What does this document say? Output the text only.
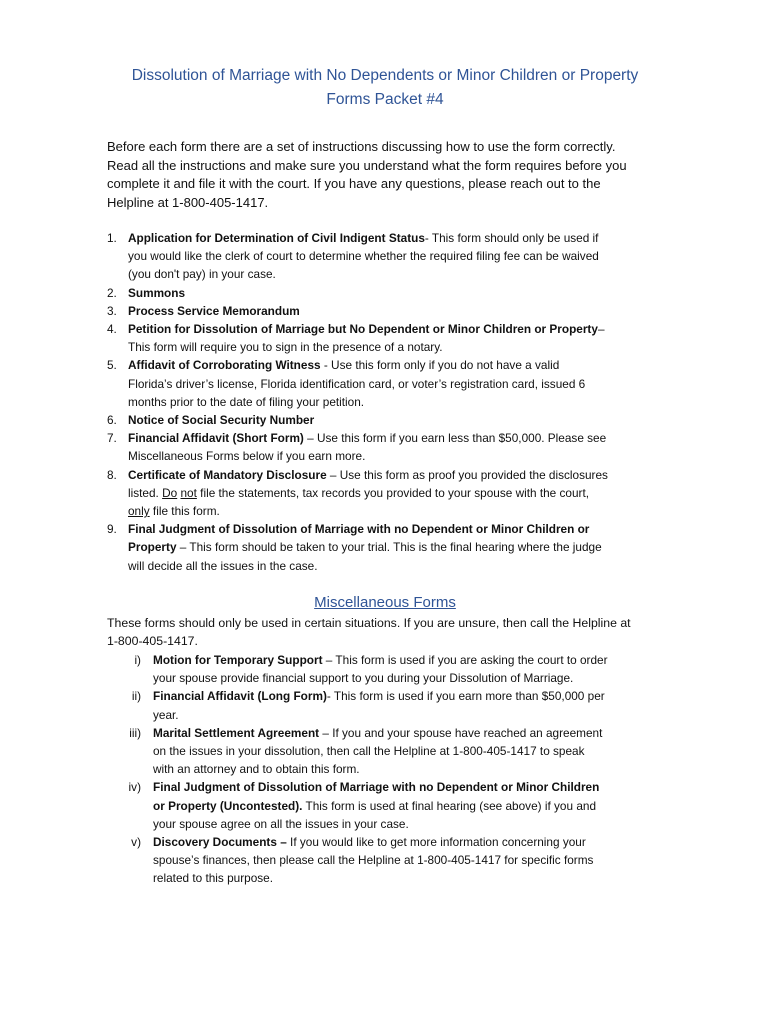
Dissolution of Marriage with No Dependents or Minor Children or Property
Forms Packet #4

Before each form there are a set of instructions discussing how to use the form correctly.
Read all the instructions and make sure you understand what the form requires before you
complete it and file it with the court. If you have any questions, please reach out to the
Helpline at 1-800-405-1417.

1. Application for Determination of Civil Indigent Status- This form should only be used if
you would like the clerk of court to determine whether the required filing fee can be waived
(you don't pay) in your case.
2. Summons
3. Process Service Memorandum
4. Petition for Dissolution of Marriage but No Dependent or Minor Children or Property–
This form will require you to sign in the presence of a notary.
5. Affidavit of Corroborating Witness - Use this form only if you do not have a valid
Florida’s driver’s license, Florida identification card, or voter’s registration card, issued 6
months prior to the date of filing your petition.
6. Notice of Social Security Number
7. Financial Affidavit (Short Form) – Use this form if you earn less than $50,000. Please see
Miscellaneous Forms below if you earn more.
8. Certificate of Mandatory Disclosure – Use this form as proof you provided the disclosures
listed. Do not file the statements, tax records you provided to your spouse with the court,
only file this form.
9. Final Judgment of Dissolution of Marriage with no Dependent or Minor Children or
Property – This form should be taken to your trial. This is the final hearing where the judge
will decide all the issues in the case.
Miscellaneous Forms

These forms should only be used in certain situations. If you are unsure, then call the Helpline at
1-800-405-1417.

i) Motion for Temporary Support – This form is used if you are asking the court to order
your spouse provide financial support to you during your Dissolution of Marriage.
ii) Financial Affidavit (Long Form)- This form is used if you earn more than $50,000 per
year.
iii) Marital Settlement Agreement – If you and your spouse have reached an agreement
on the issues in your dissolution, then call the Helpline at 1-800-405-1417 to speak
with an attorney and to obtain this form.
iv) Final Judgment of Dissolution of Marriage with no Dependent or Minor Children
or Property (Uncontested). This form is used at final hearing (see above) if you and
your spouse agree on all the issues in your case.
v) Discovery Documents – If you would like to get more information concerning your
spouse’s finances, then please call the Helpline at 1-800-405-1417 for specific forms
related to this purpose.
